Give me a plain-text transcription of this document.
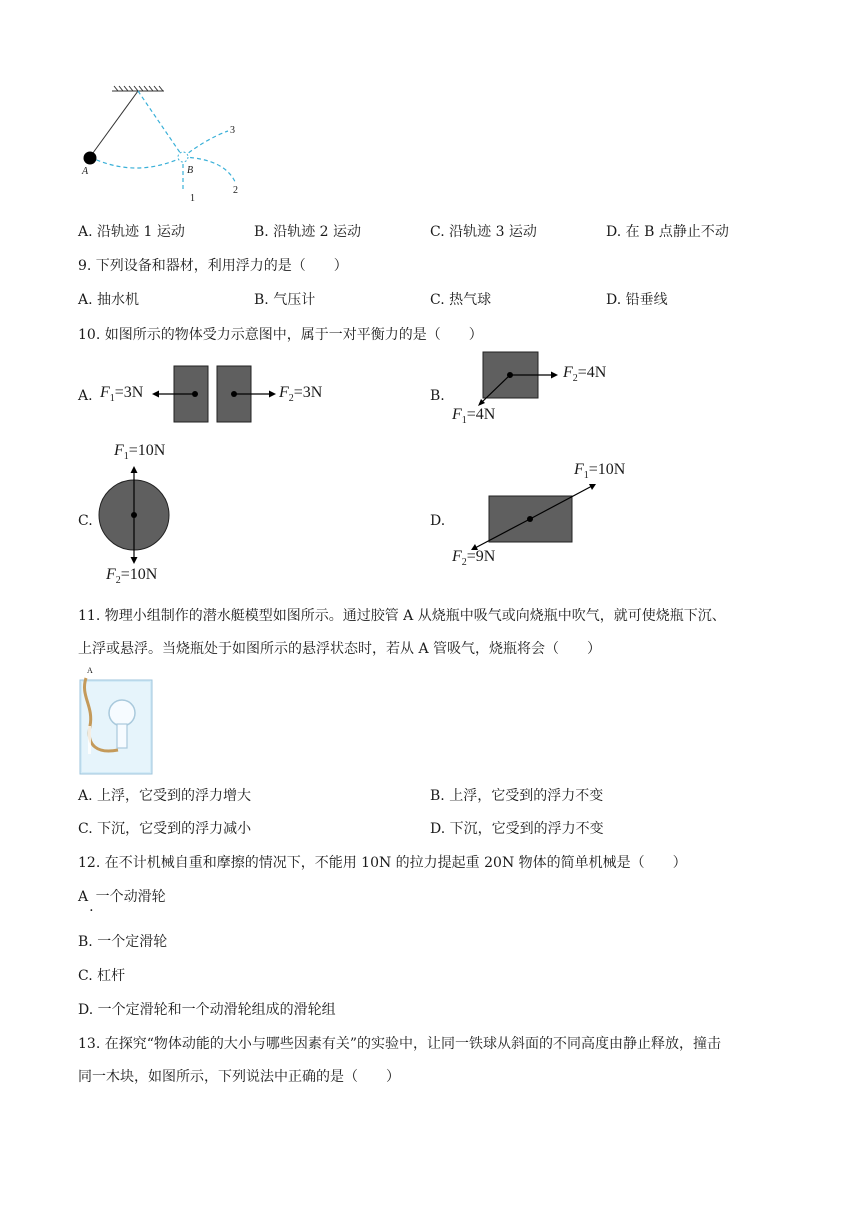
A	B
1
2
3
A. 沿轨迹 1 运动	B. 沿轨迹 2 运动	C. 沿轨迹 3 运动	D. 在 B 点静止不动
9. 下列设备和器材，利用浮力的是（　　）
A. 抽水机	B. 气压计	C. 热气球	D. 铅垂线
10. 如图所示的物体受力示意图中，属于一对平衡力的是（　　）
A. $F_1=3N$	$F_2=3N$	B.
$F_2=4N$
$F_1=4N$
C.
$F_1=10N$
$F_2=10N$
D.
$F_1=10N$
$F_2=9N$
11. 物理小组制作的潜水艇模型如图所示。通过胶管 A 从烧瓶中吸气或向烧瓶中吹气，就可使烧瓶下沉、
上浮或悬浮。当烧瓶处于如图所示的悬浮状态时，若从 A 管吸气，烧瓶将会（　　）
A
A. 上浮，它受到的浮力增大	B. 上浮，它受到的浮力不变
C. 下沉，它受到的浮力减小	D. 下沉，它受到的浮力不变
12. 在不计机械自重和摩擦的情况下，不能用 10N 的拉力提起重 20N 物体的简单机械是（　　）
A.一个动滑轮
B. 一个定滑轮
C. 杠杆
D. 一个定滑轮和一个动滑轮组成的滑轮组
13. 在探究“物体动能的大小与哪些因素有关”的实验中，让同一铁球从斜面的不同高度由静止释放，撞击
同一木块，如图所示，下列说法中正确的是（　　）
